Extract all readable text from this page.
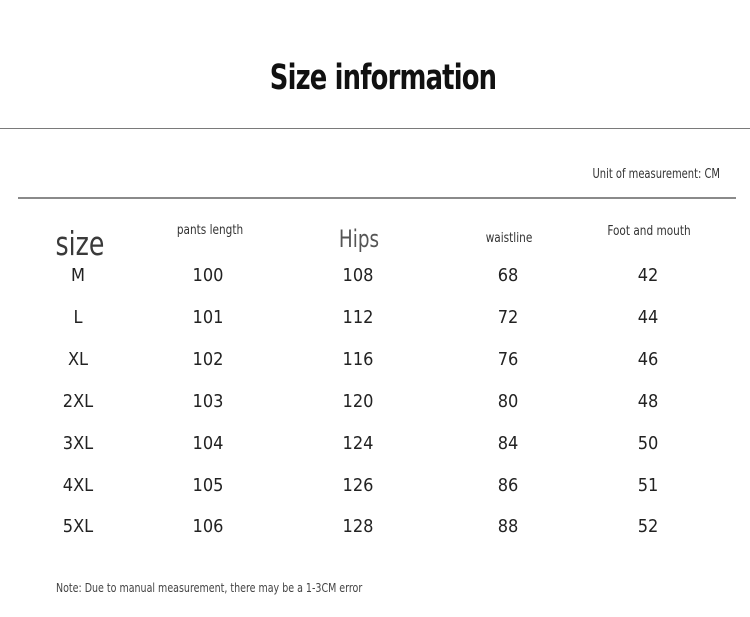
Size information
Unit of measurement: CM
size	pants length	Hips	waistline	Foot and mouth
M	100	108	68	42
L	101	112	72	44
XL	102	116	76	46
2XL	103	120	80	48
3XL	104	124	84	50
4XL	105	126	86	51
5XL	106	128	88	52
Note: Due to manual measurement, there may be a 1-3CM error
